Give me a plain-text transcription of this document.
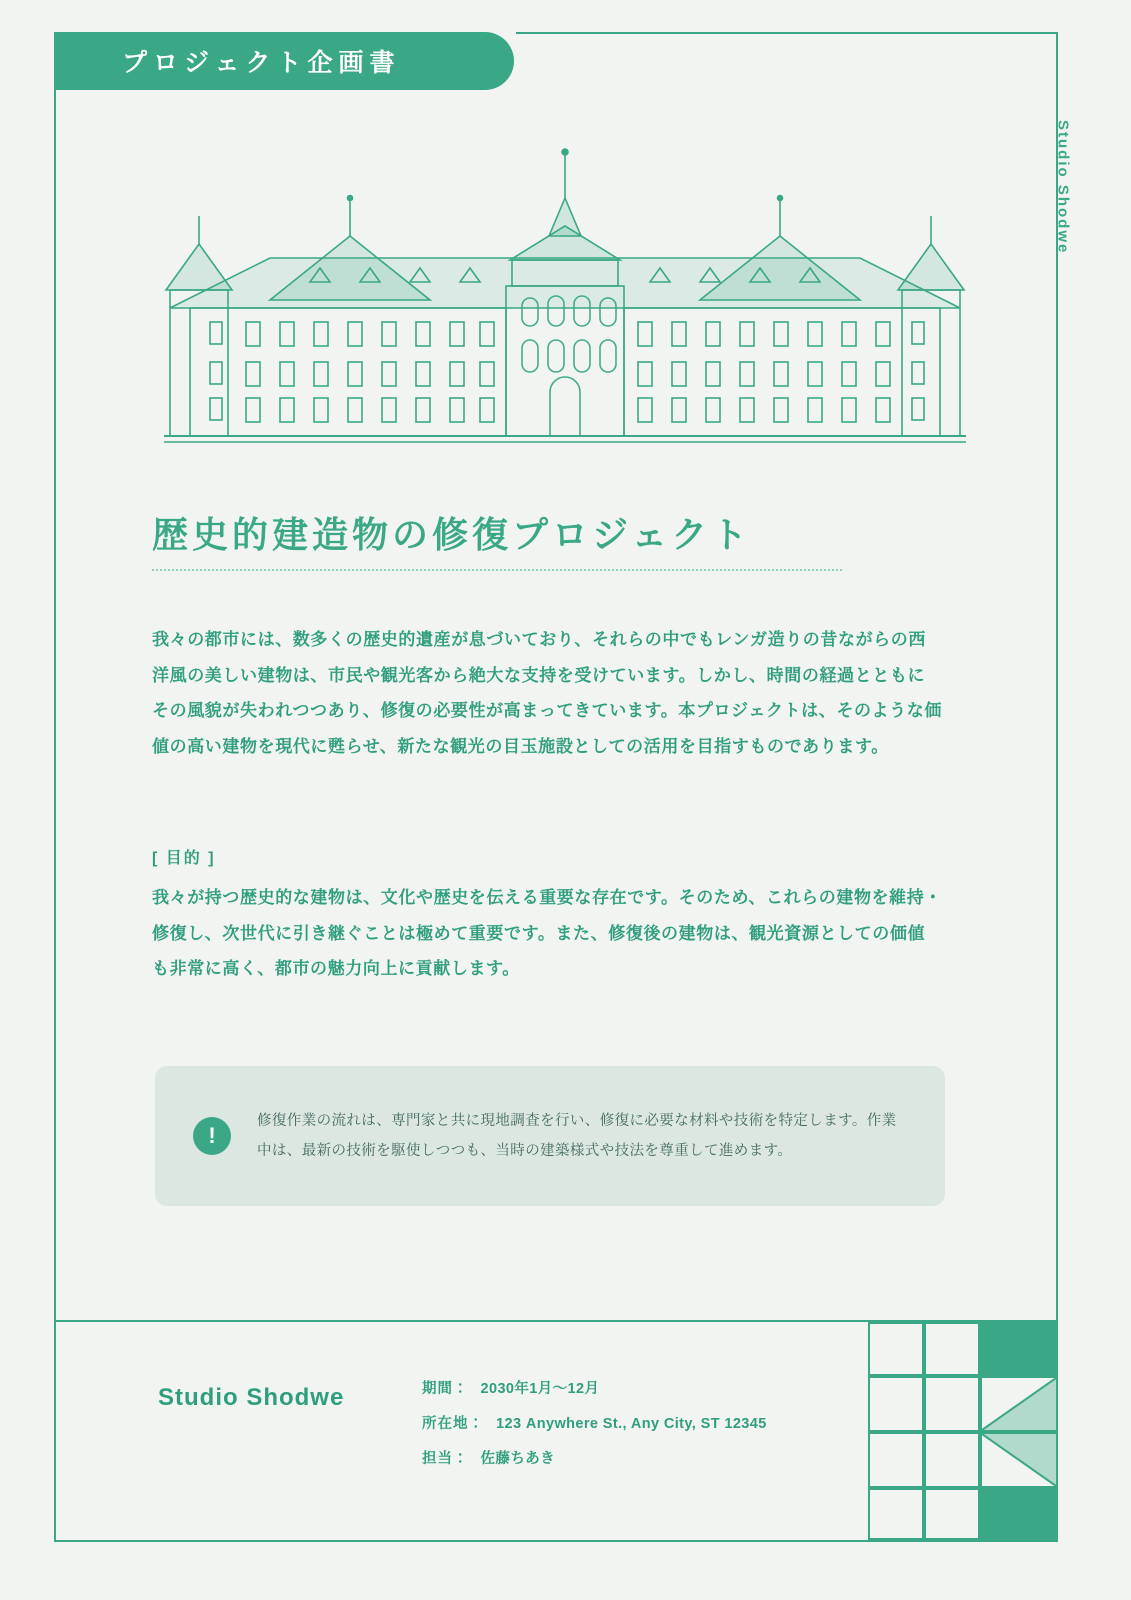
プロジェクト企画書
Studio Shodwe
歴史的建造物の修復プロジェクト
我々の都市には、数多くの歴史的遺産が息づいており、それらの中でもレンガ造りの昔ながらの西洋風の美しい建物は、市民や観光客から絶大な支持を受けています。しかし、時間の経過とともにその風貌が失われつつあり、修復の必要性が高まってきています。本プロジェクトは、そのような価値の高い建物を現代に甦らせ、新たな観光の目玉施設としての活用を目指すものであります。
[ 目的 ]
我々が持つ歴史的な建物は、文化や歴史を伝える重要な存在です。そのため、これらの建物を維持・修復し、次世代に引き継ぐことは極めて重要です。また、修復後の建物は、観光資源としての価値も非常に高く、都市の魅力向上に貢献します。
!
修復作業の流れは、専門家と共に現地調査を行い、修復に必要な材料や技術を特定します。作業中は、最新の技術を駆使しつつも、当時の建築様式や技法を尊重して進めます。
Studio Shodwe	期間： 2030年1月〜12月
所在地： 123 Anywhere St., Any City, ST 12345
担当： 佐藤ちあき
